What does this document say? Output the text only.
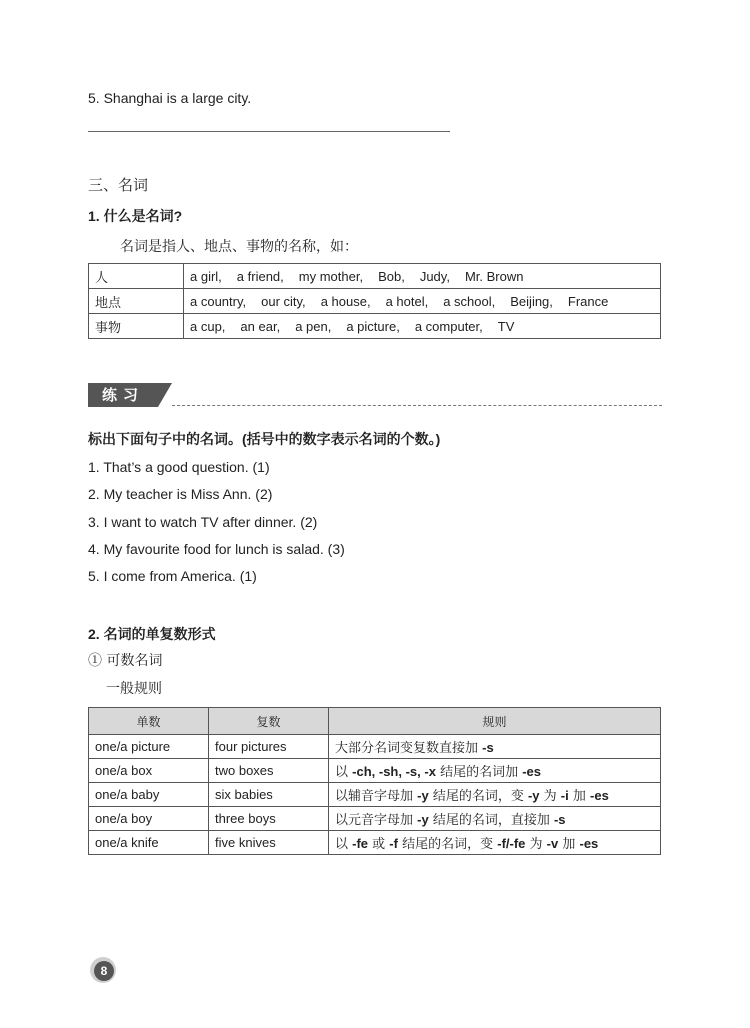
5. Shanghai is a large city.
三、名词
1. 什么是名词?
名词是指人、地点、事物的名称，如：
人	a girl, a friend, my mother, Bob, Judy, Mr. Brown
地点	a country, our city, a house, a hotel, a school, Beijing, France
事物	a cup, an ear, a pen, a picture, a computer, TV
练习
标出下面句子中的名词。(括号中的数字表示名词的个数。)
1. That’s a good question. (1)
2. My teacher is Miss Ann. (2)
3. I want to watch TV after dinner. (2)
4. My favourite food for lunch is salad. (3)
5. I come from America. (1)
2. 名词的单复数形式
① 可数名词
一般规则
单数	复数	规则
one/a picture	four pictures	大部分名词变复数直接加 -s
one/a box	two boxes	以 -ch, -sh, -s, -x 结尾的名词加 -es
one/a baby	six babies	以辅音字母加 -y 结尾的名词，变 -y 为 -i 加 -es
one/a boy	three boys	以元音字母加 -y 结尾的名词，直接加 -s
one/a knife	five knives	以 -fe 或 -f 结尾的名词，变 -f/-fe 为 -v 加 -es
8
